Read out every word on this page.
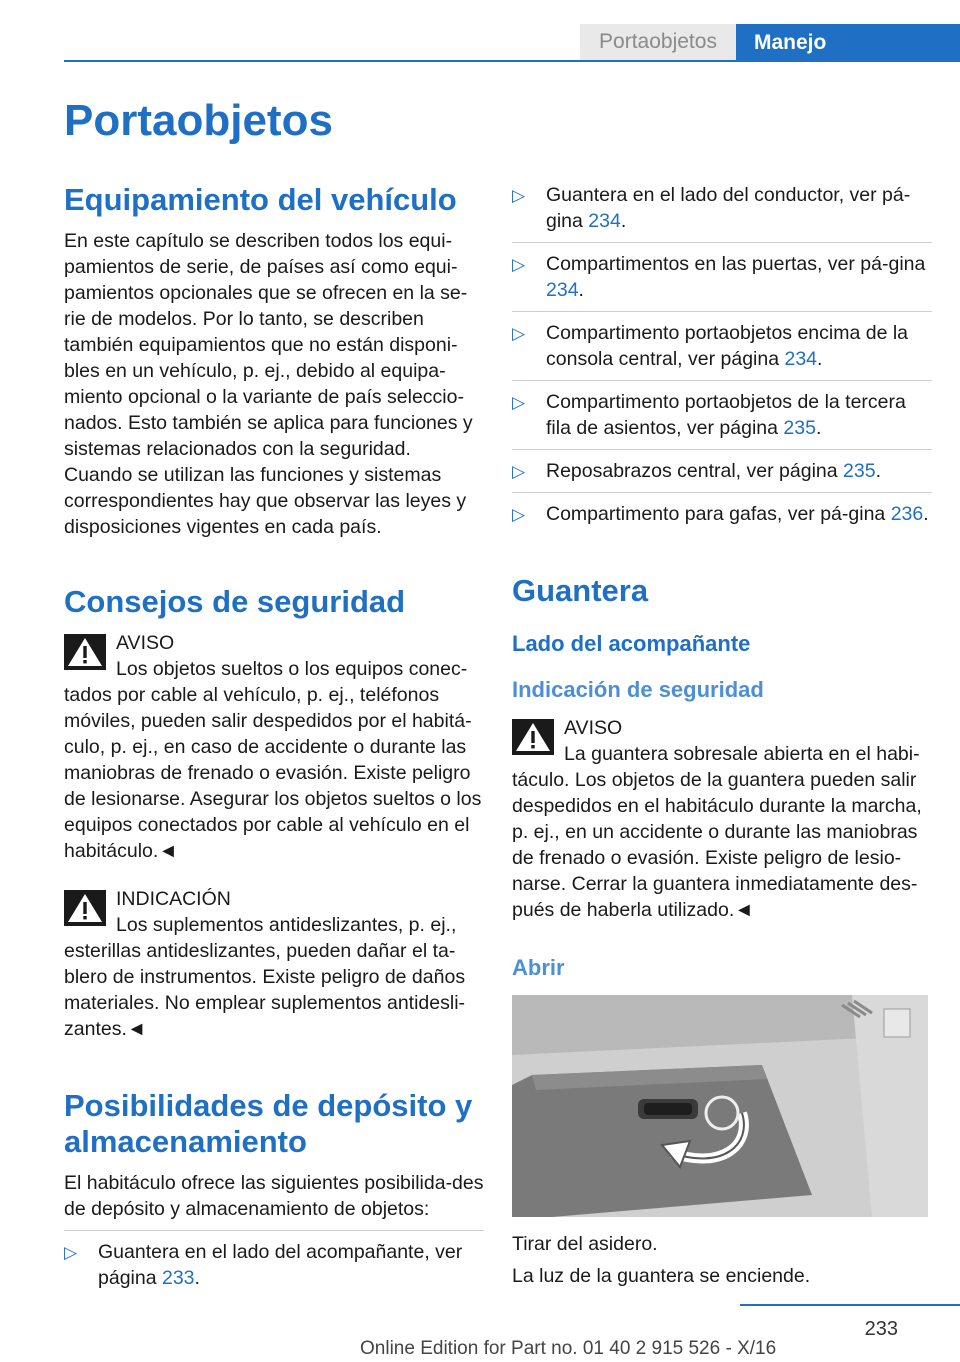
Portaobjetos	Manejo
Portaobjetos
Equipamiento del vehículo

En este capítulo se describen todos los equi-pamientos de serie, de países así como equi-pamientos opcionales que se ofrecen en la se-rie de modelos. Por lo tanto, se describen también equipamientos que no están disponi-bles en un vehículo, p. ej., debido al equipa-miento opcional o la variante de país seleccio-nados. Esto también se aplica para funciones y sistemas relacionados con la seguridad.

Cuando se utilizan las funciones y sistemas correspondientes hay que observar las leyes y disposiciones vigentes en cada país.

Consejos de seguridad
AVISO

Los objetos sueltos o los equipos conec-tados por cable al vehículo, p. ej., teléfonos móviles, pueden salir despedidos por el habitá-culo, p. ej., en caso de accidente o durante las maniobras de frenado o evasión. Existe peligro de lesionarse. Asegurar los objetos sueltos o los equipos conectados por cable al vehículo en el habitáculo.◄

INDICACIÓN

Los suplementos antideslizantes, p. ej., esterillas antideslizantes, pueden dañar el ta-blero de instrumentos. Existe peligro de daños materiales. No emplear suplementos antidesli-zantes.◄

Posibilidades de depósito y almacenamiento

El habitáculo ofrece las siguientes posibilida-des de depósito y almacenamiento de objetos:

▷ Guantera en el lado del acompañante, ver página 233.
▷ Guantera en el lado del conductor, ver pá-gina 234.
▷ Compartimentos en las puertas, ver pá-gina 234.
▷ Compartimento portaobjetos encima de la consola central, ver página 234.
▷ Compartimento portaobjetos de la tercera fila de asientos, ver página 235.
▷ Reposabrazos central, ver página 235.
▷ Compartimento para gafas, ver pá-gina 236.
Guantera
Lado del acompañante
Indicación de seguridad
AVISO

La guantera sobresale abierta en el habi-táculo. Los objetos de la guantera pueden salir despedidos en el habitáculo durante la marcha, p. ej., en un accidente o durante las maniobras de frenado o evasión. Existe peligro de lesio-narse. Cerrar la guantera inmediatamente des-pués de haberla utilizado.◄

Abrir

Tirar del asidero.

La luz de la guantera se enciende.

233
Online Edition for Part no. 01 40 2 915 526 - X/16
